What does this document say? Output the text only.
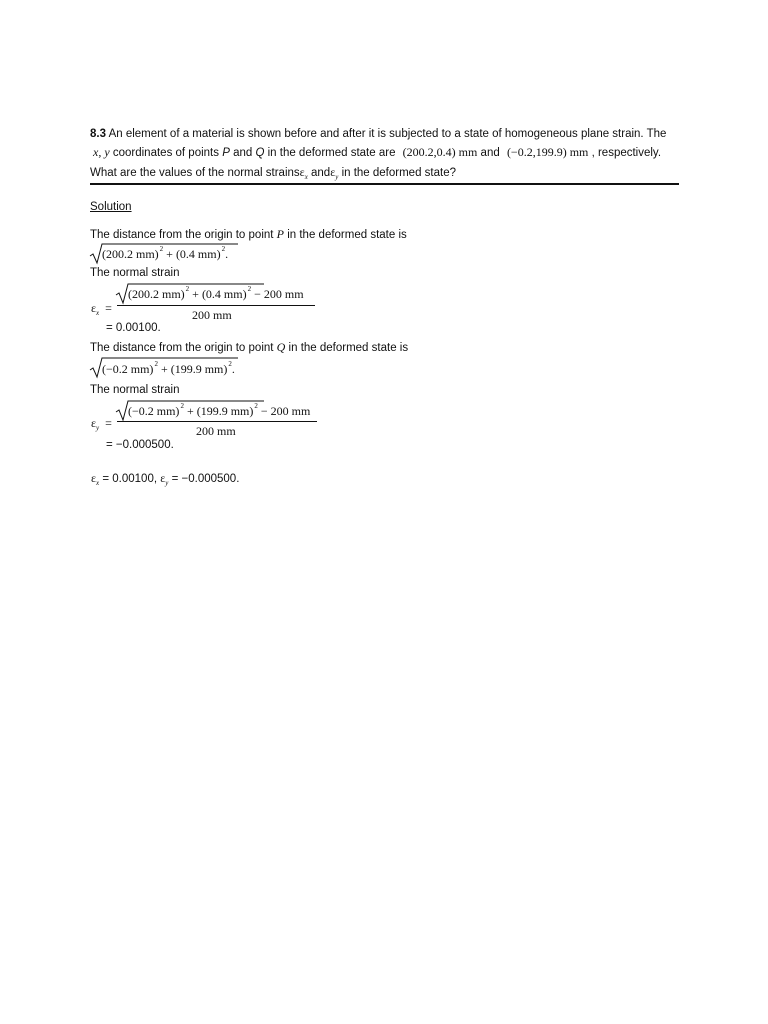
8.3 An element of a material is shown before and after it is subjected to a state of homogeneous plane strain. The
x, y coordinates of points P and Q in the deformed state are (200.2,0.4) mm and (−0.2,199.9) mm , respectively.
What are the values of the normal strainsε$_x$ andε$_y$ in the deformed state?
Solution
The distance from the origin to point P in the deformed state is
(200.2 mm)$^2$ + (0.4 mm)$^2$.
The normal strain
$\varepsilon_x$ =
(200.2 mm)$^2$ + (0.4 mm)$^2$ − 200 mm
200 mm
= 0.00100.
The distance from the origin to point Q in the deformed state is
(−0.2 mm)$^2$ + (199.9 mm)$^2$.
The normal strain
$\varepsilon_y$ =
(−0.2 mm)$^2$ + (199.9 mm)$^2$ − 200 mm
200 mm
= −0.000500.
$\varepsilon_x = 0.00100$, $\varepsilon_y = -0.000500$.
